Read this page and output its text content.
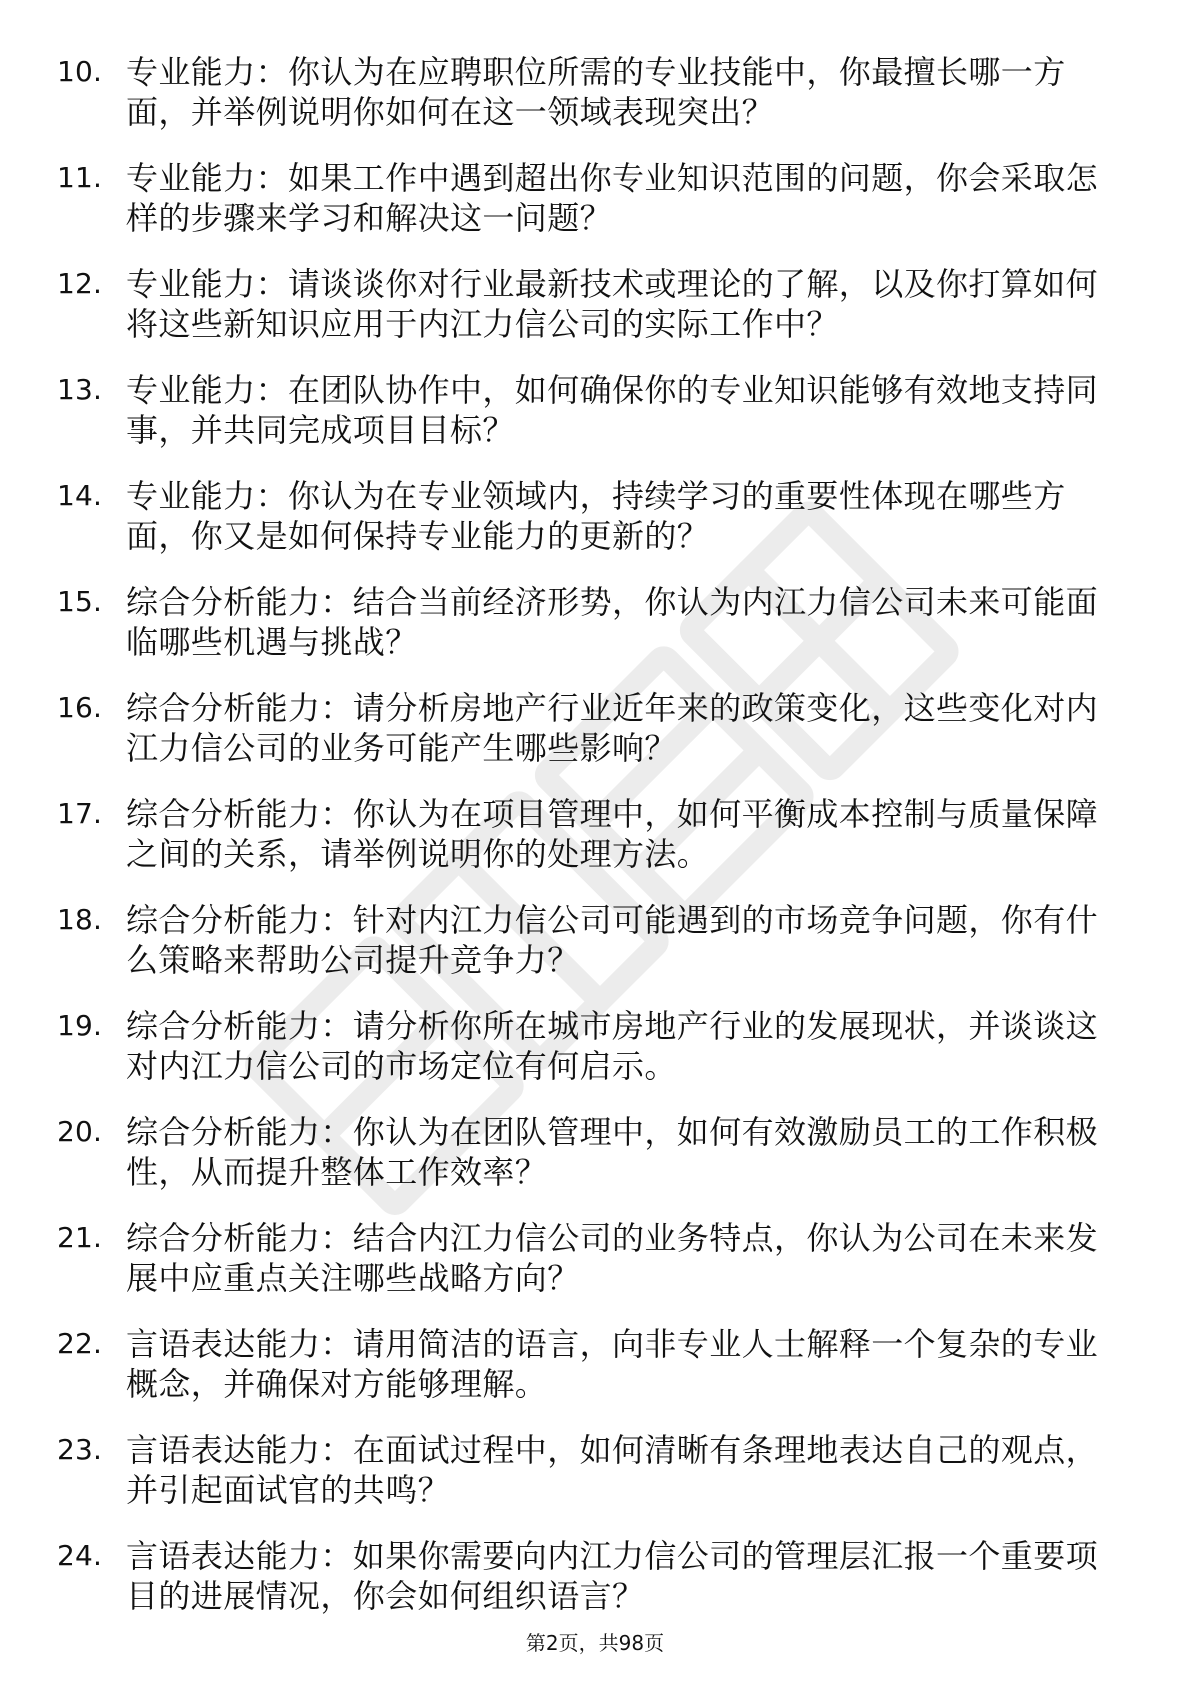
10. 专业能力：你认为在应聘职位所需的专业技能中，你最擅长哪一方面，并举例说明你如何在这一领域表现突出？
11. 专业能力：如果工作中遇到超出你专业知识范围的问题，你会采取怎样的步骤来学习和解决这一问题？
12. 专业能力：请谈谈你对行业最新技术或理论的了解，以及你打算如何将这些新知识应用于内江力信公司的实际工作中？
13. 专业能力：在团队协作中，如何确保你的专业知识能够有效地支持同事，并共同完成项目目标？
14. 专业能力：你认为在专业领域内，持续学习的重要性体现在哪些方面，你又是如何保持专业能力的更新的？
15. 综合分析能力：结合当前经济形势，你认为内江力信公司未来可能面临哪些机遇与挑战？
16. 综合分析能力：请分析房地产行业近年来的政策变化，这些变化对内江力信公司的业务可能产生哪些影响？
17. 综合分析能力：你认为在项目管理中，如何平衡成本控制与质量保障之间的关系，请举例说明你的处理方法。
18. 综合分析能力：针对内江力信公司可能遇到的市场竞争问题，你有什么策略来帮助公司提升竞争力？
19. 综合分析能力：请分析你所在城市房地产行业的发展现状，并谈谈这对内江力信公司的市场定位有何启示。
20. 综合分析能力：你认为在团队管理中，如何有效激励员工的工作积极性，从而提升整体工作效率？
21. 综合分析能力：结合内江力信公司的业务特点，你认为公司在未来发展中应重点关注哪些战略方向？
22. 言语表达能力：请用简洁的语言，向非专业人士解释一个复杂的专业概念，并确保对方能够理解。
23. 言语表达能力：在面试过程中，如何清晰有条理地表达自己的观点，并引起面试官的共鸣？
24. 言语表达能力：如果你需要向内江力信公司的管理层汇报一个重要项目的进展情况，你会如何组织语言？
第2页，共98页
